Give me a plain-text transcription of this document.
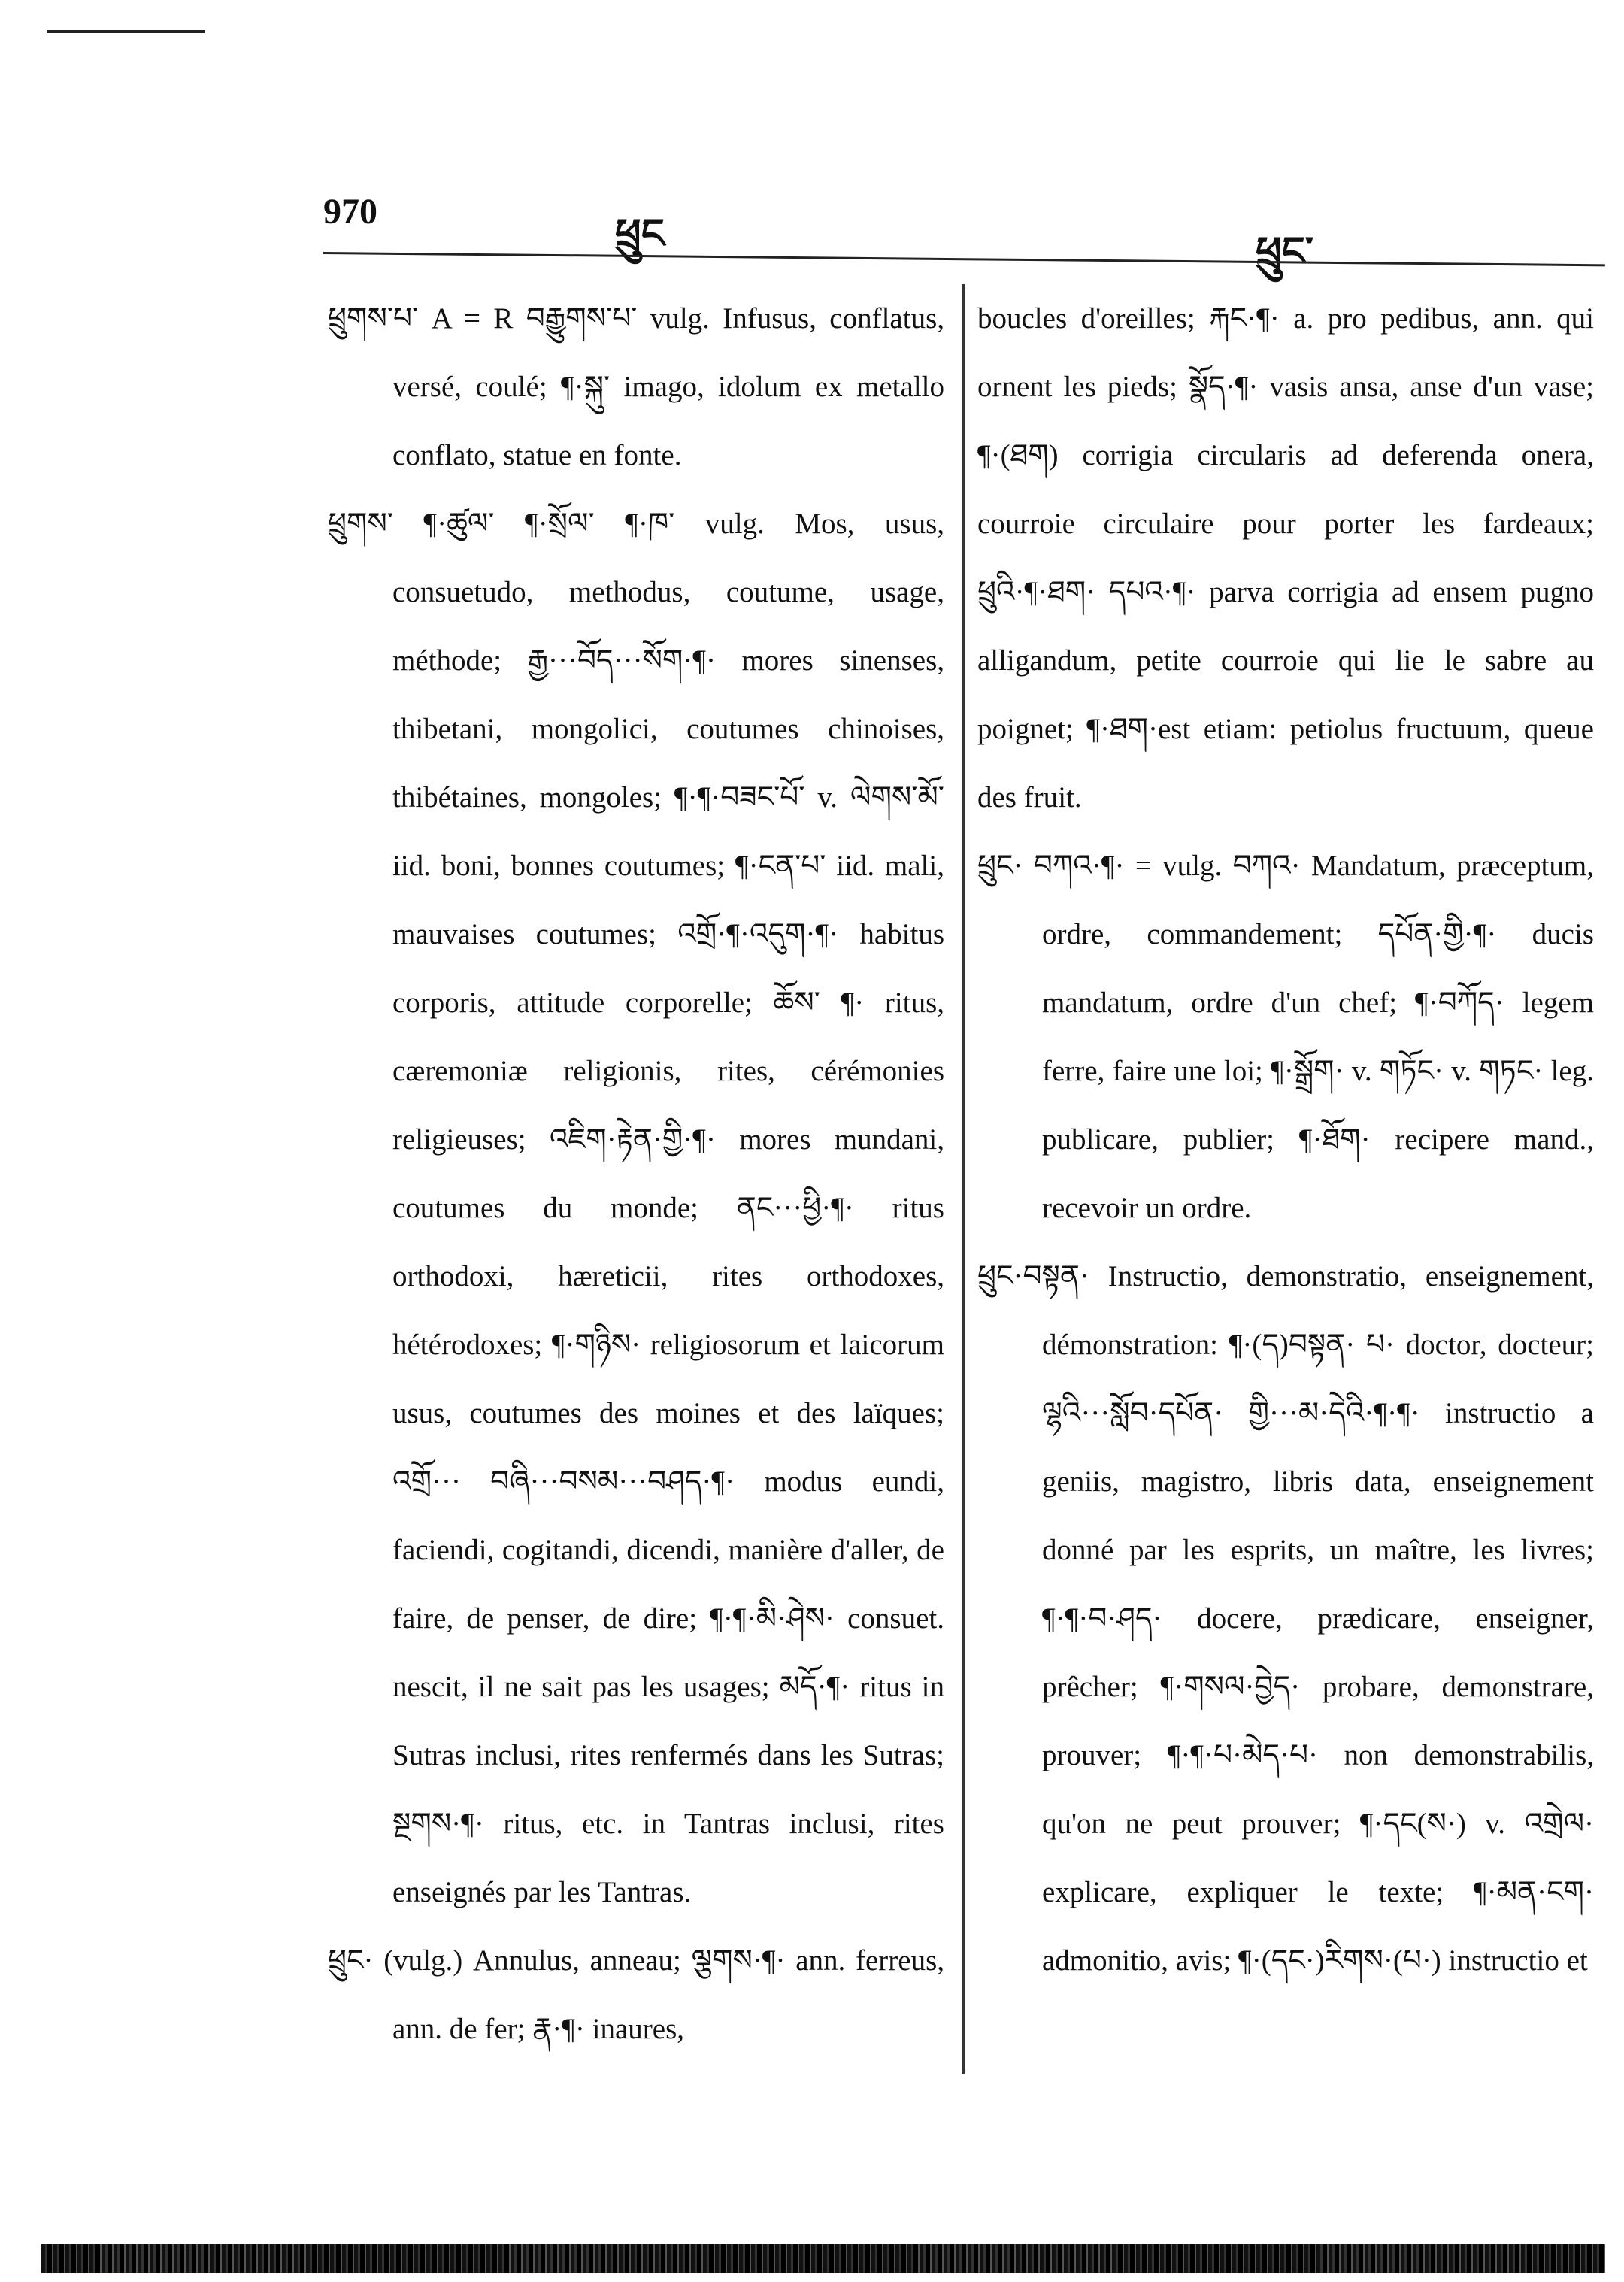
970	ཕྲུང	ཕྲུང་

ཕྲུགས་པ་ A = R བརྒྱུགས་པ་ vulg. Infusus, conflatus, versé, coulé; ¶·སྐུ་ imago, idolum ex metallo conflato, statue en fonte.

ཕྲུགས་ ¶·ཚུལ་ ¶·སྲོལ་ ¶·ཁ་ vulg. Mos, usus, consuetudo, methodus, coutume, usage, méthode; རྒྱ···བོད···སོག·¶· mores sinenses, thibetani, mongolici, coutumes chinoises, thibétaines, mongoles; ¶·¶·བཟང་པོ་ v. ལེགས་མོ་ iid. boni, bonnes coutumes; ¶·ངན་པ་ iid. mali, mauvaises coutumes; འགྲོ·¶·འདུག·¶· habitus corporis, attitude corporelle; ཆོས་ ¶· ritus, cæremoniæ religionis, rites, cérémonies religieuses; འཇིག·རྟེན·གྱི·¶· mores mundani, coutumes du monde; ནང···ཕྱི·¶· ritus orthodoxi, hæreticii, rites orthodoxes, hétérodoxes; ¶·གཉིས· religiosorum et laicorum usus, coutumes des moines et des laïques; འགྲོ··· བཞི···བསམ···བཤད·¶· modus eundi, faciendi, cogitandi, dicendi, manière d'aller, de faire, de penser, de dire; ¶·¶·མི·ཤེས· consuet. nescit, il ne sait pas les usages; མདོ·¶· ritus in Sutras inclusi, rites renfermés dans les Sutras; སྔགས·¶· ritus, etc. in Tantras inclusi, rites enseignés par les Tantras.

ཕྲུང· (vulg.) Annulus, anneau; ལྕགས·¶· ann. ferreus, ann. de fer; རྣ·¶· inaures,

boucles d'oreilles; རྐང·¶· a. pro pedibus, ann. qui ornent les pieds; སྣོད·¶· vasis ansa, anse d'un vase; ¶·(ཐག) corrigia circularis ad deferenda onera, courroie circulaire pour porter les fardeaux; ཕྲུའི·¶·ཐག· དཔའ·¶· parva corrigia ad ensem pugno alligandum, petite courroie qui lie le sabre au poignet; ¶·ཐག·est etiam: petiolus fructuum, queue des fruit.

ཕྲུང· བཀའ·¶· = vulg. བཀའ· Mandatum, præceptum, ordre, commandement; དཔོན·གྱི·¶· ducis mandatum, ordre d'un chef; ¶·བཀོད· legem ferre, faire une loi; ¶·སྒྲོག· v. གཏོང· v. གཏང· leg. publicare, publier; ¶·ཐོག· recipere mand., recevoir un ordre.

ཕྲུང·བསྟན· Instructio, demonstratio, enseignement, démonstration: ¶·(ད)བསྟན· པ· doctor, docteur; ལྷའི···སློབ·དཔོན· གྱི···མ·དེའི·¶·¶· instructio a geniis, magistro, libris data, enseignement donné par les esprits, un maître, les livres; ¶·¶·བ·ཤད· docere, prædicare, enseigner, prêcher; ¶·གསལ·བྱེད· probare, demonstrare, prouver; ¶·¶·པ·མེད·པ· non demonstrabilis, qu'on ne peut prouver; ¶·དང(ས·) v. འགྲེལ· explicare, expliquer le texte; ¶·མན·ངག· admonitio, avis; ¶·(དང·)རིགས·(པ·) instructio et
